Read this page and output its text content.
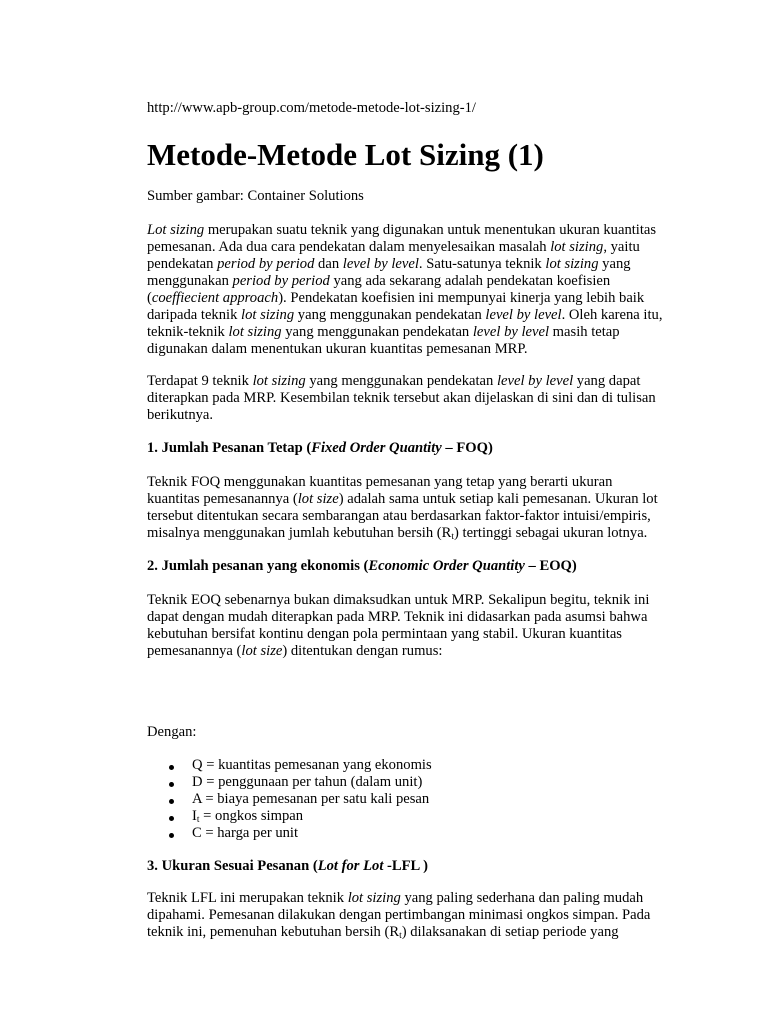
http://www.apb-group.com/metode-metode-lot-sizing-1/
Metode-Metode Lot Sizing (1)

Sumber gambar: Container Solutions

Lot sizing merupakan suatu teknik yang digunakan untuk menentukan ukuran kuantitas
pemesanan. Ada dua cara pendekatan dalam menyelesaikan masalah lot sizing, yaitu
pendekatan period by period dan level by level. Satu-satunya teknik lot sizing yang
menggunakan period by period yang ada sekarang adalah pendekatan koefisien
(coeffiecient approach). Pendekatan koefisien ini mempunyai kinerja yang lebih baik
daripada teknik lot sizing yang menggunakan pendekatan level by level. Oleh karena itu,
teknik-teknik lot sizing yang menggunakan pendekatan level by level masih tetap
digunakan dalam menentukan ukuran kuantitas pemesanan MRP.

Terdapat 9 teknik lot sizing yang menggunakan pendekatan level by level yang dapat
diterapkan pada MRP. Kesembilan teknik tersebut akan dijelaskan di sini dan di tulisan
berikutnya.

1. Jumlah Pesanan Tetap (Fixed Order Quantity – FOQ)

Teknik FOQ menggunakan kuantitas pemesanan yang tetap yang berarti ukuran
kuantitas pemesanannya (lot size) adalah sama untuk setiap kali pemesanan. Ukuran lot
tersebut ditentukan secara sembarangan atau berdasarkan faktor-faktor intuisi/empiris,
misalnya menggunakan jumlah kebutuhan bersih $(R_t)$ tertinggi sebagai ukuran lotnya.

2. Jumlah pesanan yang ekonomis (Economic Order Quantity – EOQ)

Teknik EOQ sebenarnya bukan dimaksudkan untuk MRP. Sekalipun begitu, teknik ini
dapat dengan mudah diterapkan pada MRP. Teknik ini didasarkan pada asumsi bahwa
kebutuhan bersifat kontinu dengan pola permintaan yang stabil. Ukuran kuantitas
pemesanannya (lot size) ditentukan dengan rumus:

Dengan:

Q = kuantitas pemesanan yang ekonomis
D = penggunaan per tahun (dalam unit)
A = biaya pemesanan per satu kali pesan
$I_t$ = ongkos simpan
C = harga per unit

3. Ukuran Sesuai Pesanan (Lot for Lot -LFL )

Teknik LFL ini merupakan teknik lot sizing yang paling sederhana dan paling mudah
dipahami. Pemesanan dilakukan dengan pertimbangan minimasi ongkos simpan. Pada
teknik ini, pemenuhan kebutuhan bersih $(R_t)$ dilaksanakan di setiap periode yang
